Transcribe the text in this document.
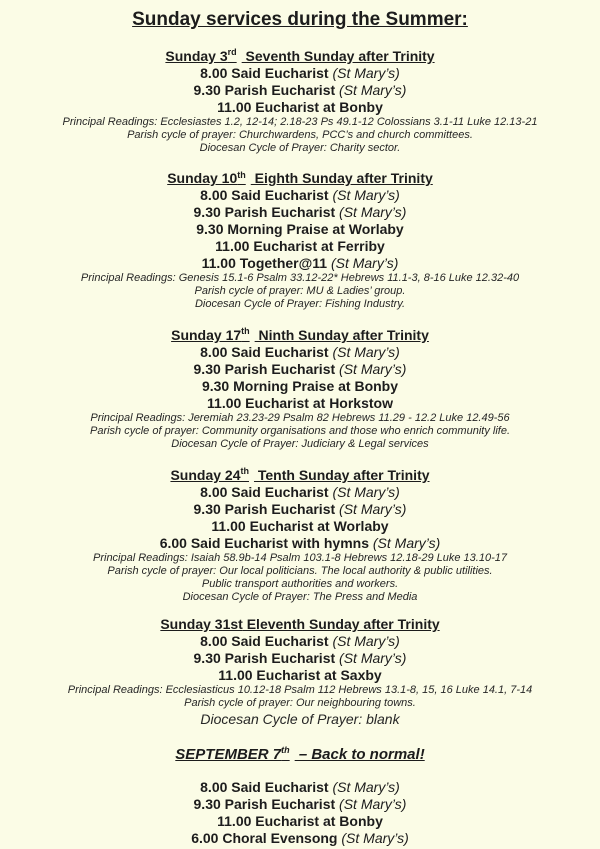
Sunday services during the Summer:
Sunday 3rd Seventh Sunday after Trinity
8.00 Said Eucharist (St Mary’s)
9.30 Parish Eucharist (St Mary’s)
11.00 Eucharist at Bonby
Principal Readings: Ecclesiastes 1.2, 12-14; 2.18-23 Ps 49.1-12 Colossians 3.1-11 Luke 12.13-21
Parish cycle of prayer: Churchwardens, PCC’s and church committees.
Diocesan Cycle of Prayer: Charity sector.
Sunday 10th Eighth Sunday after Trinity
8.00 Said Eucharist (St Mary’s)
9.30 Parish Eucharist (St Mary’s)
9.30 Morning Praise at Worlaby
11.00 Eucharist at Ferriby
11.00 Together@11 (St Mary’s)
Principal Readings: Genesis 15.1-6 Psalm 33.12-22* Hebrews 11.1-3, 8-16 Luke 12.32-40
Parish cycle of prayer: MU & Ladies’ group.
Diocesan Cycle of Prayer: Fishing Industry.
Sunday 17th Ninth Sunday after Trinity
8.00 Said Eucharist (St Mary’s)
9.30 Parish Eucharist (St Mary’s)
9.30 Morning Praise at Bonby
11.00 Eucharist at Horkstow
Principal Readings: Jeremiah 23.23-29 Psalm 82 Hebrews 11.29 - 12.2 Luke 12.49-56
Parish cycle of prayer: Community organisations and those who enrich community life.
Diocesan Cycle of Prayer: Judiciary & Legal services
Sunday 24th Tenth Sunday after Trinity
8.00 Said Eucharist (St Mary’s)
9.30 Parish Eucharist (St Mary’s)
11.00 Eucharist at Worlaby
6.00 Said Eucharist with hymns (St Mary’s)
Principal Readings: Isaiah 58.9b-14 Psalm 103.1-8 Hebrews 12.18-29 Luke 13.10-17
Parish cycle of prayer: Our local politicians. The local authority & public utilities.
Public transport authorities and workers.
Diocesan Cycle of Prayer: The Press and Media
Sunday 31st Eleventh Sunday after Trinity
8.00 Said Eucharist (St Mary’s)
9.30 Parish Eucharist (St Mary’s)
11.00 Eucharist at Saxby
Principal Readings: Ecclesiasticus 10.12-18 Psalm 112 Hebrews 13.1-8, 15, 16 Luke 14.1, 7-14
Parish cycle of prayer: Our neighbouring towns.
Diocesan Cycle of Prayer: blank
SEPTEMBER 7th – Back to normal!
8.00 Said Eucharist (St Mary’s)
9.30 Parish Eucharist (St Mary’s)
11.00 Eucharist at Bonby
6.00 Choral Evensong (St Mary’s)
